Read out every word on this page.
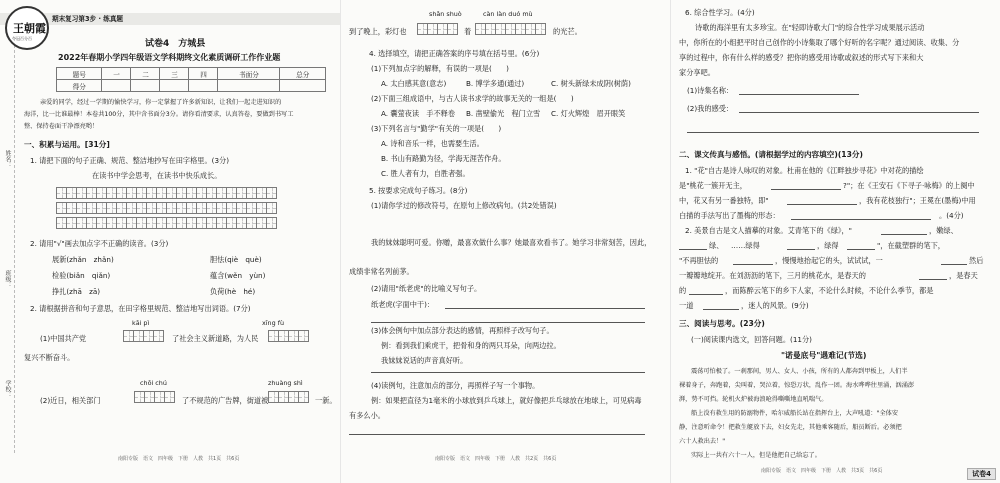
姓名：
班级：
学校：
王朝霞
夺冠百分百
期末复习第3步 · 练真题
试卷4　方城县
2022年春期小学四年级语文学科期终文化素质调研工作作业题
题号	一	二	三	四	书面分	总分
得分						
亲爱的同学，经过一学期的愉快学习，你一定掌握了许多新知识，让我们一起走进知识的
海洋，比一比谁最棒！本卷共100分，其中含书面分3分。请你看清要求，认真答卷，要做到书写工
整、保持卷面干净漂亮哟！
一、积累与运用。[31分]
1. 请把下面的句子正确、规范、整洁地抄写在田字格里。(3分)
在读书中学会思考，在读书中快乐成长。
2. 请用"√"画去加点字不正确的读音。(3分)
展新(zhǎn　zhǎn)	胆怯(qiè　què)
检验(biǎn　qiǎn)	蕴含(wěn　yùn)
挣扎(zhā　zā)	负荷(hè　hé)
2. 请根据拼音和句子意思，在田字格里规范、整洁地写出词语。(7分)
kāi pì	xīng fù
(1)中国共产党	了社会主义新道路，为人民
复兴不断奋斗。
chōi chú	zhuàng shì
(2)近日，相关部门	了不规范的广告牌，街道被	一新。
南阳专版　语文　四年级　下册　人教　共1页　共6页
shǎn shuò	càn làn duó mù
到了晚上，彩灯也	着	的光芒。
4. 选择填空，请把正确答案的序号填在括号里。(6分)
(1)下列加点字的解释，有误的一项是(　　)
A. 太白感其意(意志)	B. 博学多通(通过)	C. 树头新绿未成阴(树荫)
(2)下面三组成语中，与古人读书求学的故事无关的一组是(　　)
A. 囊萤夜读　手不释卷 B. 凿壁偷光　程门立雪 C. 灯火辉煌　眉开眼笑
(3)下列名言与"勤学"有关的一项是(　　)
A. 诗和音乐一样，也需要生活。
B. 书山有路勤为径，学海无涯苦作舟。
C. 胜人者有力，自胜者强。
5. 按要求完成句子练习。(8分)
(1)请你学过的修改符号，在原句上修改病句。(共2处错误)
我的妹妹聪明可爱。你赠，最喜欢做什么事？她最喜欢看书了。她学习非常刻苦，因此，
成绩非常名列前茅。
(2)请用"纸老虎"的比喻义写句子。
纸老虎(字面中干)：
(3)体会例句中加点部分表达的感情，再照样子改写句子。
例：看到我们乘虎干，把骨和身的两只耳朵，向两边拉。
我妹妹说话的声音真好听。
(4)读例句，注意加点的部分，再照样子写一个事物。
例：如果把直径为1毫米的小球放到乒乓球上，就好像把乒乓球放在地球上，可见病毒
有多么小。
南阳专版　语文　四年级　下册　人教　共2页　共6页
6. 综合性学习。(4分)
诗歌的海洋里有太多珍宝。在"轻即诗歌大门"的综合性学习成果展示活动
中，你所在的小组把平时自己创作的小诗集取了哪个好听的名字呢？通过阅读、收集、分
享的过程中，你有什么样的感受？把你的感受用诗歌或叙述的形式写下来和大
家分享吧。
(1)诗集名称：
(2)我的感受：
二、课文传真与感悟。(请根据学过的内容填空)(13分)
1. "花"自古是诗人咏叹的对象。杜甫在他的《江畔独步寻花》中对花的描绘
是"桃花一簇开无主，	?"；在《王安石《下寻子·咏梅》的上阕中
中，花又有另一番独特，即"	，我有花枝独行"；王冕在(墨梅)中用
白描的手法写出了墨梅的形态：	。(4分)
2. 美景自古是文人描摹的对象。艾青笔下的《绿》，"	，嫩绿、
绿、 ……绿得	，绿得	"，在截塑群的笔下，
"不再胆怯的	，慢慢地抬起它的头，试试试，一	然后
一瓣瓣地绽开。在刘沥沥的笔下，三月的桃花水，是春天的	，是春天
的	，而陈醉云笔下的乡下人家，不论什么时候，不论什么季节，都是
一道	，迷人的风景。(9分)
三、阅读与思考。(23分)
(一)阅读课内选文，回答问题。(11分)
"诺曼底号"遇难记(节选)
震荡可怕极了。一刹那间，男人、女人、小孩，所有的人都奔到甲板上，人们半
裸着身子，奔跑着，尖叫着，哭泣着，惊恐万状，乱作一团。海水哗哗往里涌，汹涌澎
湃，势不可挡。轮机火炉被海浪呛得嘶嘶地直吼喘气。
船上没有救生用的防溺物件，哈尔威船长站在指挥台上，大声吼道："全体安
静，注意听命令！把救生艇放下去，妇女先走，其他乘客随后，船员断后。必须把
六十人救出去！"
实际上一共有六十一人，但是他把自己给忘了。
南阳专版　语文　四年级　下册　人教　共3页　共6页	试卷4
